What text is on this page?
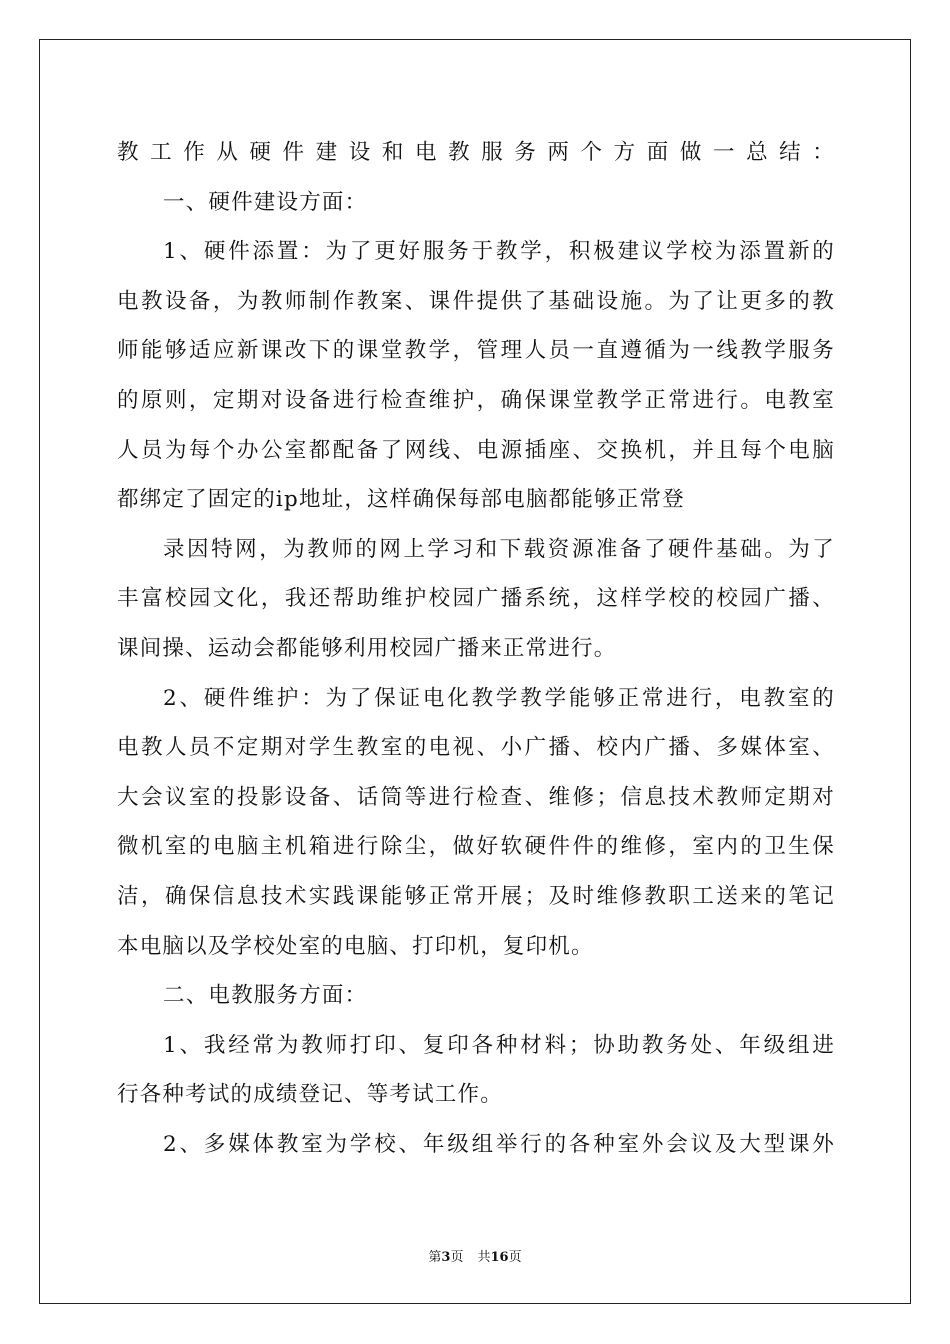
教工作从硬件建设和电教服务两个方面做一总结：
一、硬件建设方面：
1、硬件添置：为了更好服务于教学，积极建议学校为添置新的
电教设备，为教师制作教案、课件提供了基础设施。为了让更多的教
师能够适应新课改下的课堂教学，管理人员一直遵循为一线教学服务
的原则，定期对设备进行检查维护，确保课堂教学正常进行。电教室
人员为每个办公室都配备了网线、电源插座、交换机，并且每个电脑
都绑定了固定的ip地址，这样确保每部电脑都能够正常登
录因特网，为教师的网上学习和下载资源准备了硬件基础。为了
丰富校园文化，我还帮助维护校园广播系统，这样学校的校园广播、
课间操、运动会都能够利用校园广播来正常进行。
2、硬件维护：为了保证电化教学教学能够正常进行，电教室的
电教人员不定期对学生教室的电视、小广播、校内广播、多媒体室、
大会议室的投影设备、话筒等进行检查、维修；信息技术教师定期对
微机室的电脑主机箱进行除尘，做好软硬件件的维修，室内的卫生保
洁，确保信息技术实践课能够正常开展；及时维修教职工送来的笔记
本电脑以及学校处室的电脑、打印机，复印机。
二、电教服务方面：
1、我经常为教师打印、复印各种材料；协助教务处、年级组进
行各种考试的成绩登记、等考试工作。
2、多媒体教室为学校、年级组举行的各种室外会议及大型课外
第3页 共16页
